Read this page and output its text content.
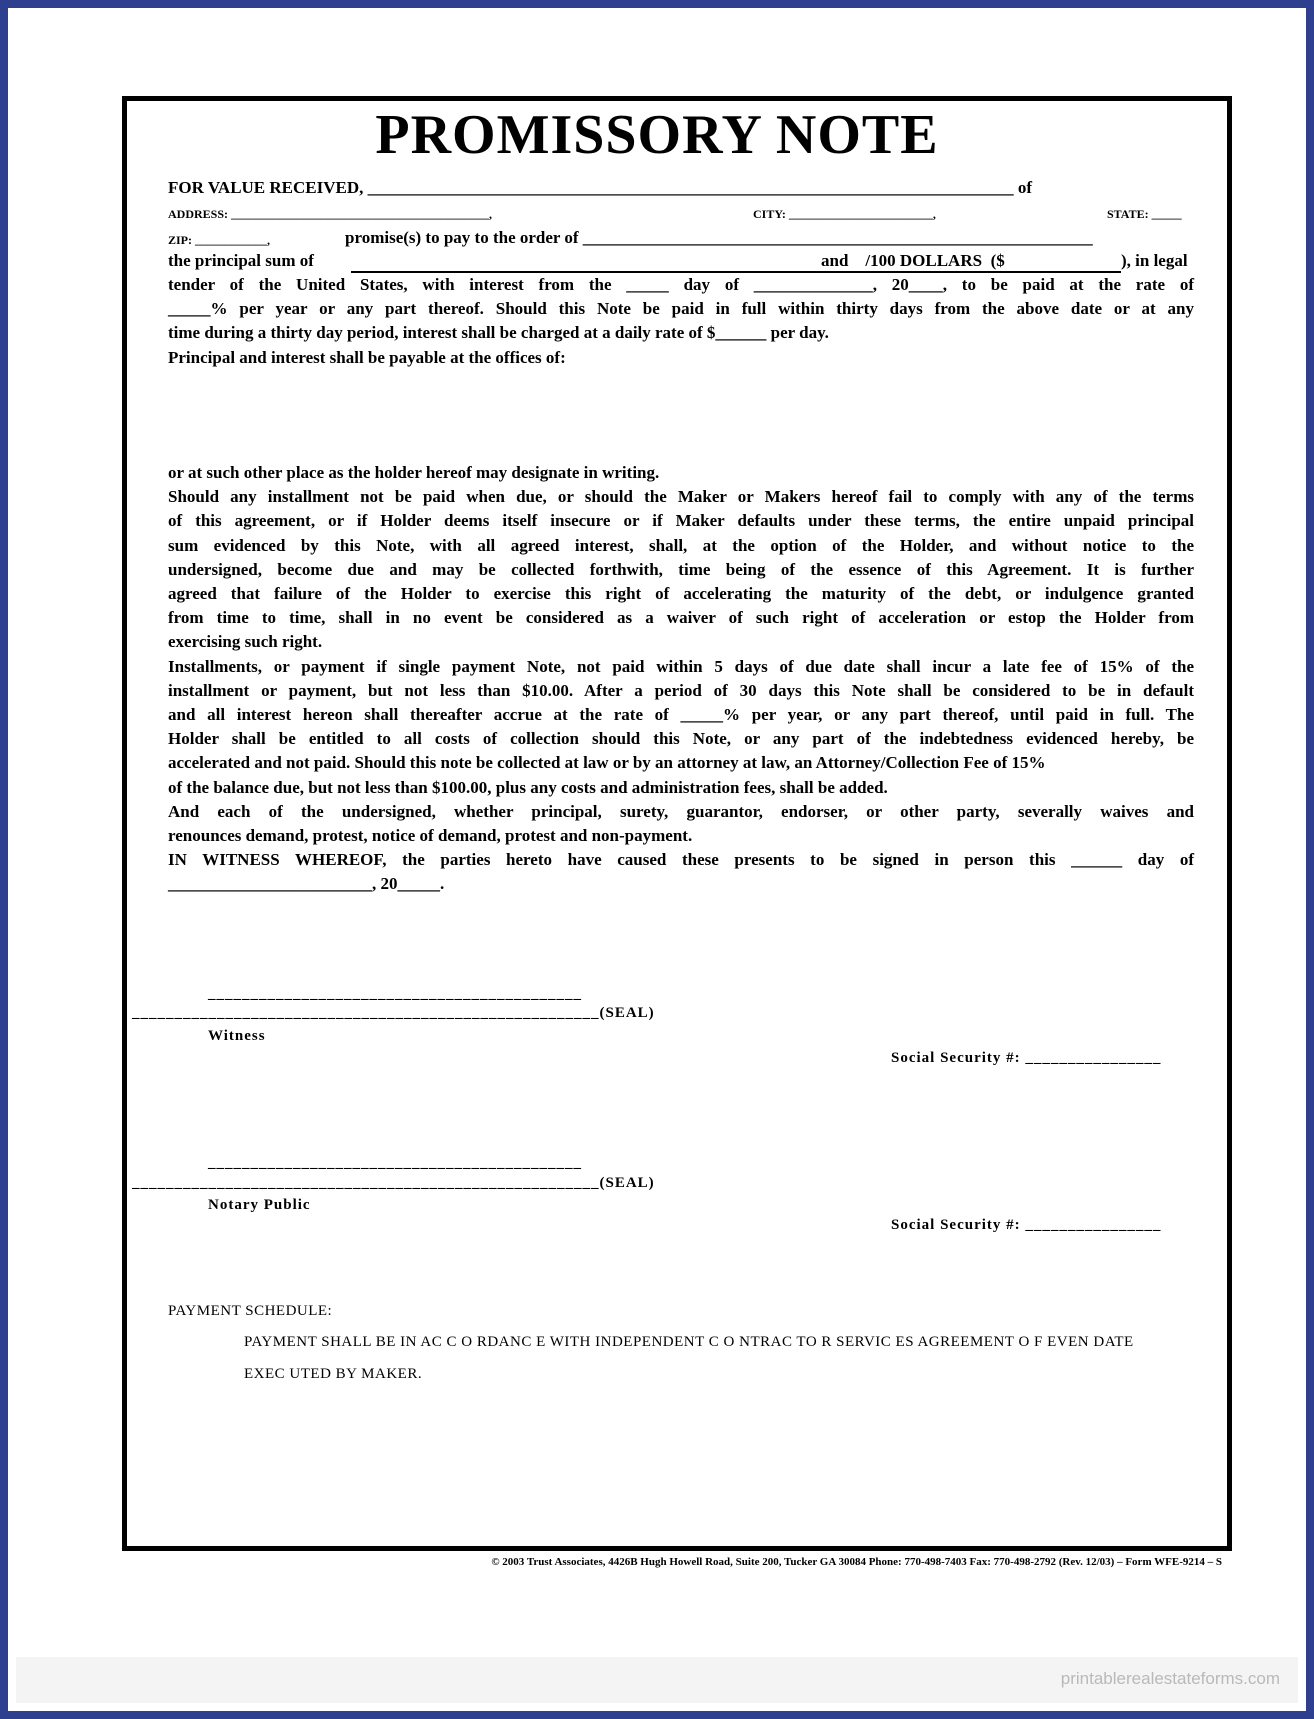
PROMISSORY NOTE
FOR VALUE RECEIVED, ____________________________________________________________________________ of
ADDRESS: ___________________________________________,	CITY: ________________________,	STATE: _____
ZIP: ____________,	promise(s) to pay to the order of ____________________________________________________________
the principal sum of

	and    /100 DOLLARS  ($

	), in legal
tender of the United States, with interest from the _____ day of ______________, 20____, to be paid at the rate of
_____% per year or any part thereof. Should this Note be paid in full within thirty days from the above date or at any
time during a thirty day period, interest shall be charged at a daily rate of $______ per day.
Principal and interest shall be payable at the offices of:
or at such other place as the holder hereof may designate in writing.
Should any installment not be paid when due, or should the Maker or Makers hereof fail to comply with any of the terms
of this agreement, or if Holder deems itself insecure or if Maker defaults under these terms, the entire unpaid principal
sum evidenced by this Note, with all agreed interest, shall, at the option of the Holder, and without notice to the
undersigned, become due and may be collected forthwith, time being of the essence of this Agreement. It is further
agreed that failure of the Holder to exercise this right of accelerating the maturity of the debt, or indulgence granted
from time to time, shall in no event be considered as a waiver of such right of acceleration or estop the Holder from
exercising such right.
Installments, or payment if single payment Note, not paid within 5 days of due date shall incur a late fee of 15% of the
installment or payment, but not less than $10.00. After a period of 30 days this Note shall be considered to be in default
and all interest hereon shall thereafter accrue at the rate of _____% per year, or any part thereof, until paid in full. The
Holder shall be entitled to all costs of collection should this Note, or any part of the indebtedness evidenced hereby, be
accelerated and not paid. Should this note be collected at law or by an attorney at law, an Attorney/Collection Fee of 15%
of the balance due, but not less than $100.00, plus any costs and administration fees, shall be added.
And each of the undersigned, whether principal, surety, guarantor, endorser, or other party, severally waives and
renounces demand, protest, notice of demand, protest and non-payment.
IN WITNESS WHEREOF, the parties hereto have caused these presents to be signed in person this ______ day of
________________________, 20_____.
____________________________________________
_______________________________________________________(SEAL)
Witness
Social Security #: ________________
____________________________________________
_______________________________________________________(SEAL)
Notary Public
Social Security #: ________________
PAYMENT SCHEDULE:
PAYMENT SHALL BE IN AC C O RDANC E WITH INDEPENDENT C O NTRAC TO R SERVIC ES AGREEMENT O F EVEN DATE
EXEC UTED BY MAKER.
© 2003 Trust Associates, 4426B Hugh Howell Road, Suite 200, Tucker GA 30084 Phone: 770-498-7403 Fax: 770-498-2792 (Rev. 12/03) – Form WFE-9214 – S
printablerealestateforms.com
